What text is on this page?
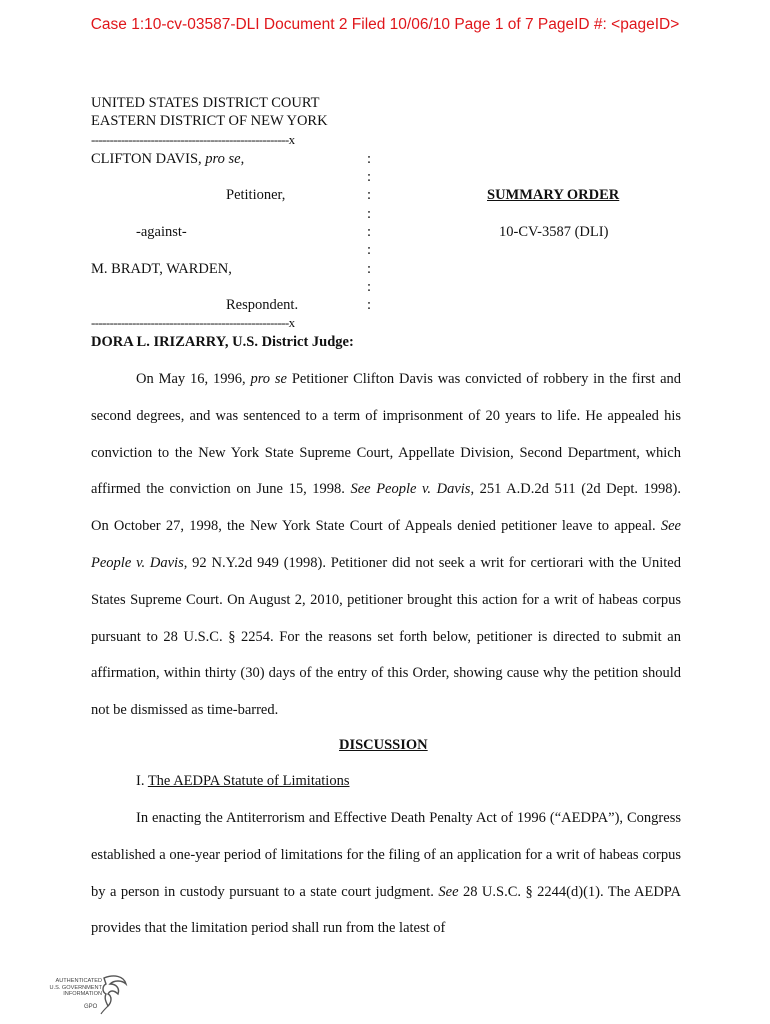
Case 1:10-cv-03587-DLI Document 2 Filed 10/06/10 Page 1 of 7 PageID #: <pageID>
UNITED STATES DISTRICT COURT
EASTERN DISTRICT OF NEW YORK
-----------------------------------------------------x
CLIFTON DAVIS, pro se,
Petitioner,
-against-
M. BRADT, WARDEN,
Respondent.
:
:
:
:
:
:
:
:
:
-----------------------------------------------------x
SUMMARY ORDER
10-CV-3587 (DLI)
DORA L. IRIZARRY, U.S. District Judge:
On May 16, 1996, pro se Petitioner Clifton Davis was convicted of robbery in the first and
second degrees, and was sentenced to a term of imprisonment of 20 years to life. He appealed his
conviction to the New York State Supreme Court, Appellate Division, Second Department, which
affirmed the conviction on June 15, 1998. See People v. Davis, 251 A.D.2d 511 (2d Dept. 1998).
On October 27, 1998, the New York State Court of Appeals denied petitioner leave to appeal. See
People v. Davis, 92 N.Y.2d 949 (1998). Petitioner did not seek a writ for certiorari with the United
States Supreme Court. On August 2, 2010, petitioner brought this action for a writ of habeas corpus
pursuant to 28 U.S.C. § 2254. For the reasons set forth below, petitioner is directed to submit an
affirmation, within thirty (30) days of the entry of this Order, showing cause why the petition should
not be dismissed as time-barred.
DISCUSSION
I. The AEDPA Statute of Limitations
In enacting the Antiterrorism and Effective Death Penalty Act of 1996 (“AEDPA”), Congress
established a one-year period of limitations for the filing of an application for a writ of habeas corpus
by a person in custody pursuant to a state court judgment. See 28 U.S.C. § 2244(d)(1). The AEDPA
provides that the limitation period shall run from the latest of
AUTHENTICATED
U.S. GOVERNMENT
INFORMATION
GPO
